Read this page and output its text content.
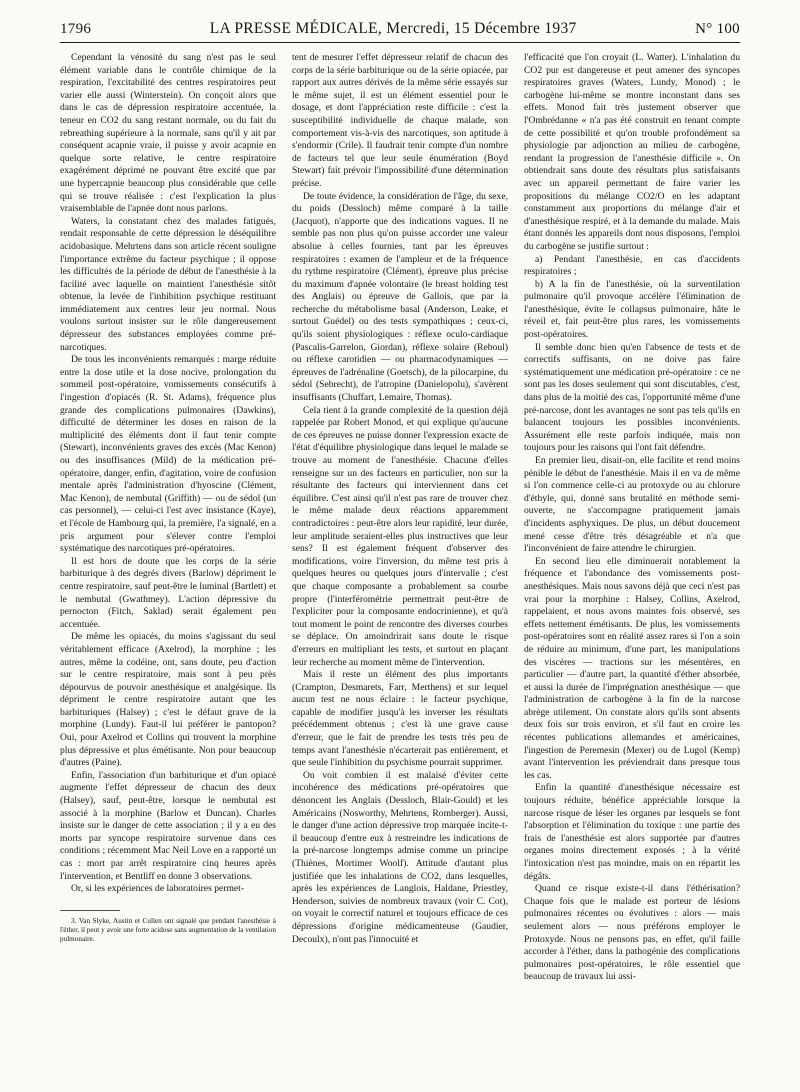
1796	LA PRESSE MÉDICALE, Mercredi, 15 Décembre 1937	N° 100

Cependant la vénosité du sang n'est pas le seul élément variable dans le contrôle chimique de la respiration, l'excitabilité des centres respiratoires peut varier elle aussi (Wintersteín). On conçoit alors que dans le cas de dépression respiratoire accentuée, la teneur en CO2 du sang restant normale, ou du fait du rebreathing supérieure à la normale, sans qu'il y ait par conséquent acapnie vraie, il puisse y avoir acapnie en quelque sorte relative, le centre respiratoire exagérément déprimé ne pouvant être excité que par une hypercapnie beaucoup plus considérable que celle qui se trouve réalisée : c'est l'explication la plus vraisemblable de l'apnée dont nous parlons.

Waters, la constatant chez des malades fatigués, rendait responsable de cette dépression le déséquilibre acidobasique. Mehrtens dans son article récent souligne l'importance extrême du facteur psychique ; il oppose les difficultés de la période de début de l'anesthésie à la facilité avec laquelle on maintient l'anesthésie sitôt obtenue, la levée de l'inhibition psychique restituant immédiatement aux centres leur jeu normal. Nous voulons surtout insister sur le rôle dangereusement dépresseur des substances employées comme pré-narcotiques.

De tous les inconvénients remarqués : marge réduite entre la dose utile et la dose nocive, prolongation du sommeil post-opératoire, vomissements consécutifs à l'ingestion d'opiacés (R. St. Adams), fréquence plus grande des complications pulmonaires (Dawkins), difficulté de déterminer les doses en raison de la multiplicité des éléments dont il faut tenir compte (Stewart), inconvénients graves des excès (Mac Kenon) ou des insuffisances (Mild) de la médication pré-opératoire, danger, enfin, d'agitation, voire de confusion mentale après l'administration d'hyoscine (Clément, Mac Kenon), de nembutal (Griffith) — ou de sédol (un cas personnel), — celui-ci l'est avec insistance (Kaye), et l'école de Hambourg qui, la première, l'a signalé, en a pris argument pour s'élever contre l'emploi systématique des narcotiques pré-opératoires.

Il est hors de doute que les corps de la série barbiturique à des degrés divers (Barlow) dépriment le centre respiratoire, sauf peut-être le luminal (Bartlett) et le nembutal (Gwathmey). L'action dépressive du pernocton (Fitch, Saklad) serait également peu accentuée.

De même les opiacés, du moins s'agissant du seul véritablement efficace (Axelrod), la morphine ; les autres, même la codéine, ont, sans doute, peu d'action sur le centre respiratoire, mais sont à peu près dépourvus de pouvoir anesthésique et analgésique. Ils dépriment le centre respiratoire autant que les barbituriques (Halsey) ; c'est le défaut grave de la morphine (Lundy). Faut-il lui préférer le pantopon? Oui, pour Axelrod et Collins qui trouvent la morphine plus dépressive et plus émétisante. Non pour beaucoup d'autres (Paine).

Enfin, l'association d'un barbiturique et d'un opiacé augmente l'effet dépresseur de chacun des deux (Halsey), sauf, peut-être, lorsque le nembutal est associé à la morphine (Barlow et Duncan). Charles insiste sur le danger de cette association ; il y a eu des morts par syncope respiratoire survenue dans ces conditions ; récemment Mac Neil Love en a rapporté un cas : mort par arrêt respiratoire cinq heures après l'intervention, et Bentliff en donne 3 observations.

Or, si les expériences de laboratoires permet-

3. Van Slyke, Austin et Cullen ont signalé que pendant l'anesthésie à l'éther, il peut y avoir une forte acidose sans augmentation de la ventilation pulmonaire.

tent de mesurer l'effet dépresseur relatif de chacun des corps de la série barbiturique ou de la série opiacée, par rapport aux autres dérivés de la même série essayés sur le même sujet, il est un élément essentiel pour le dosage, et dont l'appréciation reste difficile : c'est la susceptibilité individuelle de chaque malade, son comportement vis-à-vis des narcotiques, son aptitude à s'endormir (Crile). Il faudrait tenir compte d'un nombre de facteurs tel que leur seule énumération (Boyd Stewart) fait prévoir l'impossibilité d'une détermination précise.

De toute évidence, la considération de l'âge, du sexe, du poids (Dessloch) même comparé à la taille (Jacquot), n'apporte que des indications vagues. Il ne semble pas non plus qu'on puisse accorder une valeur absolue à celles fournies, tant par les épreuves respiratoires : examen de l'ampleur et de la fréquence du rythme respiratoire (Clément), épreuve plus précise du maximum d'apnée volontaire (le breast holding test des Anglais) ou épreuve de Gallois, que par la recherche du métabolisme basal (Anderson, Leake, et surtout Guédel) ou des tests sympathiques ; ceux-ci, qu'ils soient physiologiques : réflexe oculo-cardiaque (Pascalis-Garrelon, Giordan), réflexe solaire (Reboul) ou réflexe carotidien — ou pharmacodynamiques — épreuves de l'adrénaline (Goetsch), de la pilocarpine, du sédol (Sebrecht), de l'atropine (Danielopolu), s'avèrent insuffisants (Chuffart, Lemaire, Thomas).

Cela tient à la grande complexité de la question déjà rappelée par Robert Monod, et qui explique qu'aucune de ces épreuves ne puisse donner l'expression exacte de l'état d'équilibre physiologique dans lequel le malade se trouve au moment de l'anesthésie. Chacune d'elles renseigne sur un des facteurs en particulier, non sur la résultante des facteurs qui interviennent dans cet équilibre. C'est ainsi qu'il n'est pas rare de trouver chez le même malade deux réactions apparemment contradictoires : peut-être alors leur rapidité, leur durée, leur amplitude seraient-elles plus instructives que leur sens? Il est également fréquent d'observer des modifications, voire l'inversion, du même test pris à quelques heures ou quelques jours d'intervalle ; c'est que chaque composante a probablement sa courbe propre (l'interférométrie permettrait peut-être de l'expliciter pour la composante endocrinienne), et qu'à tout moment le point de rencontre des diverses courbes se déplace. On amoindrirait sans doute le risque d'erreurs en multipliant les tests, et surtout en plaçant leur recherche au moment même de l'intervention.

Mais il reste un élément des plus importants (Crampton, Desmarets, Farr, Merthens) et sur lequel aucun test ne nous éclaire : le facteur psychique, capable de modifier jusqu'à les inverser les résultats précédemment obtenus ; c'est là une grave cause d'erreur, que le fait de prendre les tests très peu de temps avant l'anesthésie n'écarterait pas entièrement, et que seule l'inhibition du psychisme pourrait supprimer.

On voit combien il est malaisé d'éviter cette incohérence des médications pré-opératoires que dénoncent les Anglais (Dessloch, Blair-Gould) et les Américains (Nosworthy, Mehrtens, Romberger). Aussi, le danger d'une action dépressive trop marquée incite-t-il beaucoup d'entre eux à restreindre les indications de la pré-narcose longtemps admise comme un principe (Thiènes, Mortimer Woolf). Attitude d'autant plus justifiée que les inhalations de CO2, dans lesquelles, après les expériences de Langlois, Haldane, Priestley, Henderson, suivies de nombreux travaux (voir C. Cot), on voyait le correctif naturel et toujours efficace de ces dépressions d'origine médicamenteuse (Gaudier, Decoulx), n'ont pas l'innocuité et

l'efficacité que l'on croyait (L. Watter). L'inhalation du CO2 pur est dangereuse et peut amener des syncopes respiratoires graves (Waters, Lundy, Monod) ; le carbogène lui-même se montre inconstant dans ses effets. Monod fait très justement observer que l'Ombrédanne « n'a pas été construit en tenant compte de cette possibilité et qu'on trouble profondément sa physiologie par adjonction au milieu de carbogène, rendant la progression de l'anesthésie difficile ». On obtiendrait sans doute des résultats plus satisfaisants avec un appareil permettant de faire varier les propositions du mélange CO2/O en les adaptant constamment aux proportions du mélange d'air et d'anesthésique respiré, et à la demande du malade. Mais étant donnés les appareils dont nous disposons, l'emploi du carbogène se justifie surtout :

a) Pendant l'anesthésie, en cas d'accidents respiratoires ;

b) A la fin de l'anesthésie, où la surventilation pulmonaire qu'il provoque accélère l'élimination de l'anesthésique, évite le collapsus pulmonaire, hâte le réveil et, fait peut-être plus rares, les vomissements post-opératoires.

Il semble donc bien qu'en l'absence de tests et de correctifs suffisants, on ne doive pas faire systématiquement une médication pré-opératoire : ce ne sont pas les doses seulement qui sont discutables, c'est, dans plus de la moitié des cas, l'opportunité même d'une pré-narcose, dont les avantages ne sont pas tels qu'ils en balancent toujours les possibles inconvénients. Assurément elle reste parfois indiquée, mais non toujours pour les raisons qui l'ont fait défendre.

En premier lieu, disait-on, elle facilite et rend moins pénible le début de l'anesthésie. Mais il en va de même si l'on commence celle-ci au protoxyde ou au chlorure d'éthyle, qui, donné sans brutalité en méthode semi-ouverte, ne s'accompagne pratiquement jamais d'incidents asphyxiques. De plus, un début doucement mené cesse d'être très désagréable et n'a que l'inconvénient de faire attendre le chirurgien.

En second lieu elle diminuerait notablement la fréquence et l'abondance des vomissements post-anesthésiques. Mais nous savons déjà que ceci n'est pas vrai pour la morphine : Halsey, Collins, Axelrod, rappelaient, et nous avons maintes fois observé, ses effets nettement émétisants. De plus, les vomissements post-opératoires sont en réalité assez rares si l'on a soin de réduire au minimum, d'une part, les manipulations des viscères — tractions sur les mésentères, en particulier — d'autre part, la quantité d'éther absorbée, et aussi la durée de l'imprégnation anesthésique — que l'administration de carbogène à la fin de la narcose abrège utilement. On constate alors qu'ils sont absents deux fois sur trois environ, et s'il faut en croire les récentes publications allemandes et américaines, l'ingestion de Peremesin (Mexer) ou de Lugol (Kemp) avant l'intervention les préviendrait dans presque tous les cas.

Enfin la quantité d'anesthésique nécessaire est toujours réduite, bénéfice appréciable lorsque la narcose risque de léser les organes par lesquels se font l'absorption et l'élimination du toxique : une partie des frais de l'anesthésie est alors supportée par d'autres organes moins directement exposés ; à la vérité l'intoxication n'est pas moindre, mais on en répartit les dégâts.

Quand ce risque existe-t-il dans l'éthérisation? Chaque fois que le malade est porteur de lésions pulmonaires récentes ou évolutives : alors — mais seulement alors — nous préférons employer le Protoxyde. Nous ne pensons pas, en effet, qu'il faille accorder à l'éther, dans la pathogénie des complications pulmonaires post-opératoires, le rôle essentiel que beaucoup de travaux lui assi-
